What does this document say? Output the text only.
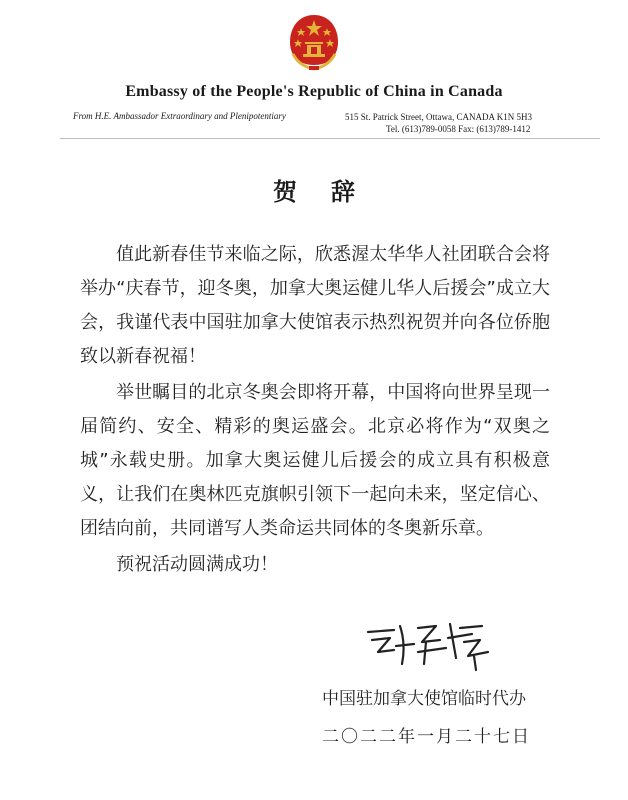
Embassy of the People's Republic of China in Canada
From H.E. Ambassador Extraordinary and Plenipotentiary	515 St. Patrick Street, Ottawa, CANADA K1N 5H3
Tel. (613)789-0058 Fax: (613)789-1412
贺辞

值此新春佳节来临之际，欣悉渥太华华人社团联合会将举办“庆春节，迎冬奥，加拿大奥运健儿华人后援会”成立大会，我谨代表中国驻加拿大使馆表示热烈祝贺并向各位侨胞致以新春祝福！

举世瞩目的北京冬奥会即将开幕，中国将向世界呈现一届简约、安全、精彩的奥运盛会。北京必将作为“双奥之城”永载史册。加拿大奥运健儿后援会的成立具有积极意义，让我们在奥林匹克旗帜引领下一起向未来，坚定信心、团结向前，共同谱写人类命运共同体的冬奥新乐章。

预祝活动圆满成功！

中国驻加拿大使馆临时代办
二〇二二年一月二十七日
